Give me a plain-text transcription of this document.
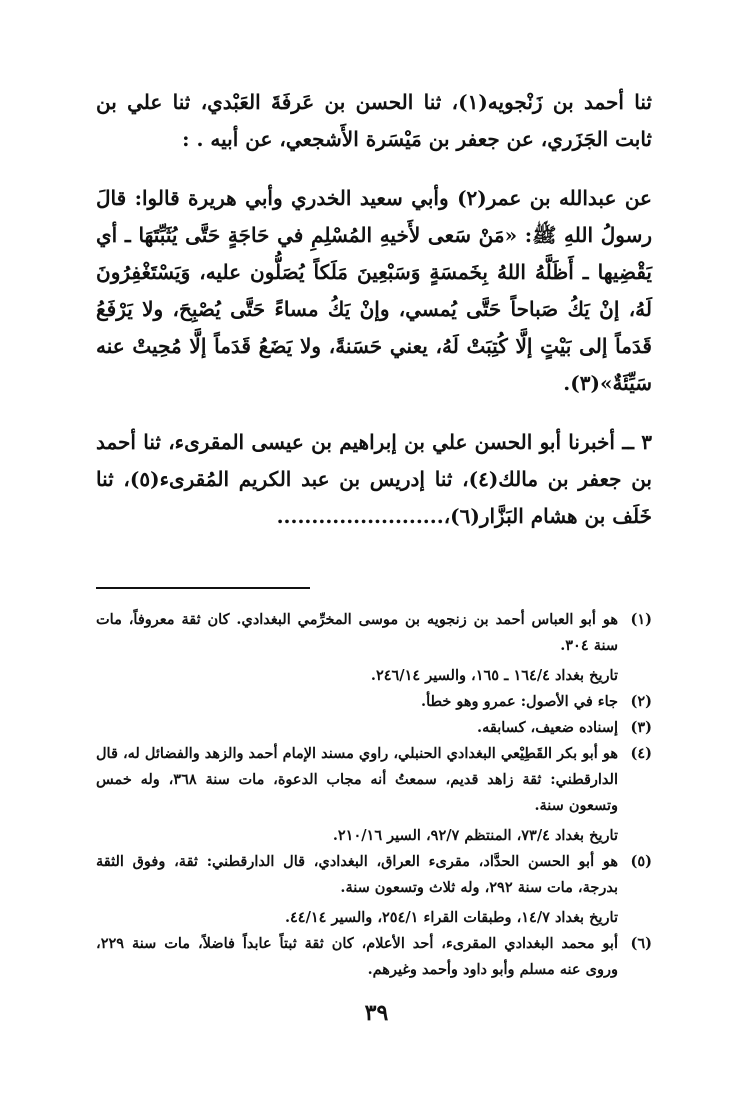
ثنا أحمد بن زَنْجويه(١)، ثنا الحسن بن عَرفَةَ العَبْدي، ثنا علي بن ثابت الجَزَري، عن جعفر بن مَيْسَرة الأَشجعي، عن أبيه . :

عن عبدالله بن عمر(٢) وأبي سعيد الخدري وأبي هريرة قالوا: قالَ رسولُ اللهِ ﷺ: «مَنْ سَعى لأَخيهِ المُسْلِمِ في حَاجَةٍ حَتَّى يُثَبِّتَهَا ـ أي يَقْضِيها ـ أَظَلَّهُ اللهُ بِخَمسَةٍ وَسَبْعِينَ مَلَكاً يُصَلُّون عليه، وَيَسْتَغْفِرُونَ لَهُ، إنْ يَكُ صَباحاً حَتَّى يُمسي، وإنْ يَكُ مساءً حَتَّى يُصْبِحَ، ولا يَرْفَعُ قَدَماً إلى بَيْتٍ إلَّا كُتِبَتْ لَهُ، يعني حَسَنةً، ولا يَضَعُ قَدَماً إلَّا مُحِيتْ عنه سَيِّئَةٌ»(٣).

٣ ــ أخبرنا أبو الحسن علي بن إبراهيم بن عيسى المقرىء، ثنا أحمد بن جعفر بن مالك(٤)، ثنا إدريس بن عبد الكريم المُقرىء(٥)، ثنا خَلَف بن هشام البَزَّار(٦)،........................

(١)
هو أبو العباس أحمد بن زنجويه بن موسى المخرِّمي البغدادي. كان ثقة معروفاً، مات سنة ٣٠٤.
تاريخ بغداد ١٦٤/٤ ـ ١٦٥، والسير ٢٤٦/١٤.
(٢)
جاء في الأصول: عمرو وهو خطأ.
(٣)
إسناده ضعيف، كسابقه.
(٤)
هو أبو بكر القَطِيْعي البغدادي الحنبلي، راوي مسند الإمام أحمد والزهد والفضائل له، قال الدارقطني: ثقة زاهد قديم، سمعتُ أنه مجاب الدعوة، مات سنة ٣٦٨، وله خمس وتسعون سنة.
تاريخ بغداد ٧٣/٤، المنتظم ٩٢/٧، السير ٢١٠/١٦.
(٥)
هو أبو الحسن الحدَّاد، مقرىء العراق، البغدادي، قال الدارقطني: ثقة، وفوق الثقة بدرجة، مات سنة ٢٩٢، وله ثلاث وتسعون سنة.
تاريخ بغداد ١٤/٧، وطبقات القراء ٢٥٤/١، والسير ٤٤/١٤.
(٦)
أبو محمد البغدادي المقرىء، أحد الأعلام، كان ثقة ثبتاً عابداً فاضلاً، مات سنة ٢٢٩، وروى عنه مسلم وأبو داود وأحمد وغيرهم.
٣٩
